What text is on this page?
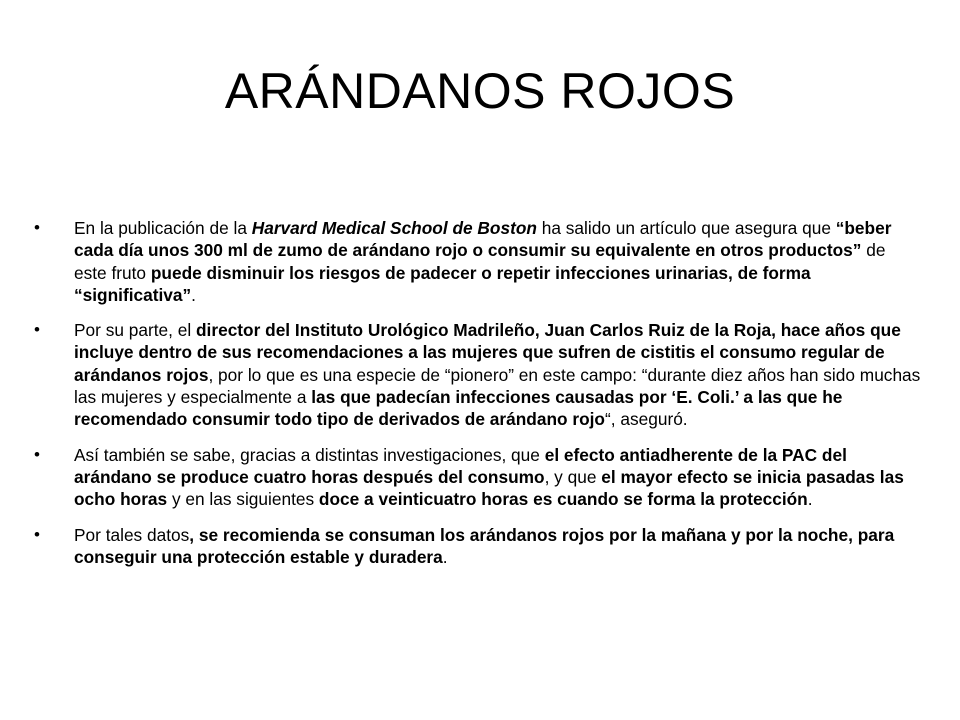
ARÁNDANOS ROJOS
• En la publicación de la Harvard Medical School de Boston ha salido un artículo que asegura que “beber cada día unos 300 ml de zumo de arándano rojo o consumir su equivalente en otros productos” de este fruto puede disminuir los riesgos de padecer o repetir infecciones urinarias, de forma “significativa”.
• Por su parte, el director del Instituto Urológico Madrileño, Juan Carlos Ruiz de la Roja, hace años que incluye dentro de sus recomendaciones a las mujeres que sufren de cistitis el consumo regular de arándanos rojos, por lo que es una especie de “pionero” en este campo: “durante diez años han sido muchas las mujeres y especialmente a las que padecían infecciones causadas por ‘E. Coli.’ a las que he recomendado consumir todo tipo de derivados de arándano rojo“, aseguró.
• Así también se sabe, gracias a distintas investigaciones, que el efecto antiadherente de la PAC del arándano se produce cuatro horas después del consumo, y que el mayor efecto se inicia pasadas las ocho horas y en las siguientes doce a veinticuatro horas es cuando se forma la protección.
• Por tales datos, se recomienda se consuman los arándanos rojos por la mañana y por la noche, para conseguir una protección estable y duradera.
